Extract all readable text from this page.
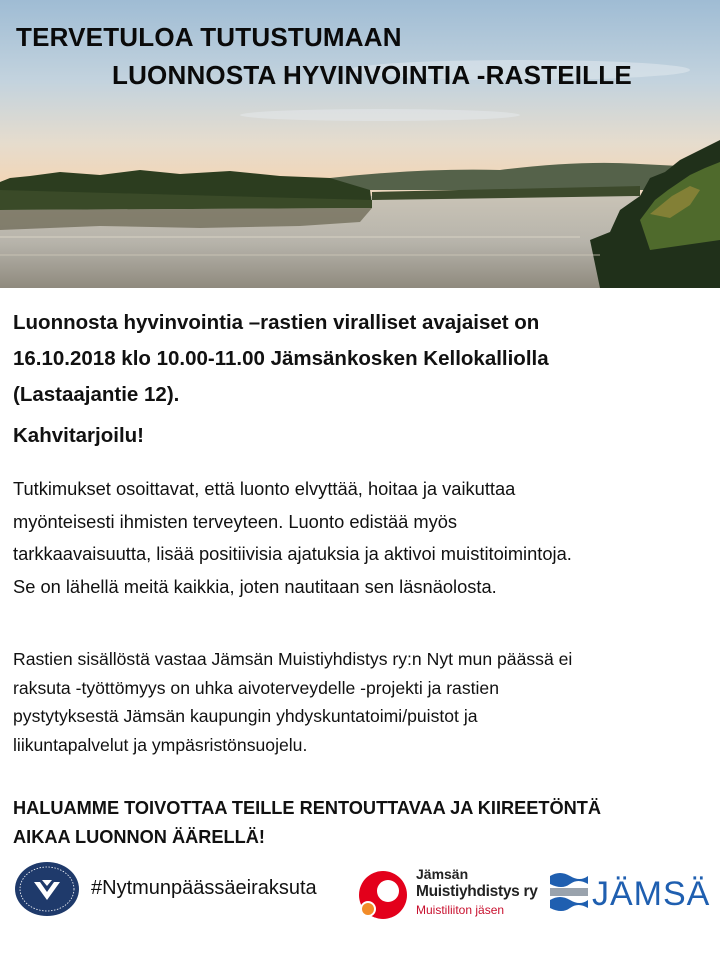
TERVETULOA TUTUSTUMAAN
LUONNOSTA HYVINVOINTIA -RASTEILLE
Luonnosta hyvinvointia –rastien viralliset avajaiset on
16.10.2018 klo 10.00-11.00 Jämsänkosken Kellokalliolla
(Lastaajantie 12).
Kahvitarjoilu!
Tutkimukset osoittavat, että luonto elvyttää, hoitaa ja vaikuttaa
myönteisesti ihmisten terveyteen. Luonto edistää myös
tarkkaavaisuutta, lisää positiivisia ajatuksia ja aktivoi muistitoimintoja.
Se on lähellä meitä kaikkia, joten nautitaan sen läsnäolosta.
Rastien sisällöstä vastaa Jämsän Muistiyhdistys ry:n Nyt mun päässä ei
raksuta -työttömyys on uhka aivoterveydelle -projekti ja rastien
pystytyksestä Jämsän kaupungin yhdyskuntatoimi/puistot ja
liikuntapalvelut ja ympäsristönsuojelu.
HALUAMME TOIVOTTAA TEILLE RENTOUTTAVAA JA KIIREETÖNTÄ
AIKAA LUONNON ÄÄRELLÄ!
#Nytmunpäässäeiraksuta
Jämsän
Muistiyhdistys ry
Muistiliiton jäsen	JÄMSÄ
